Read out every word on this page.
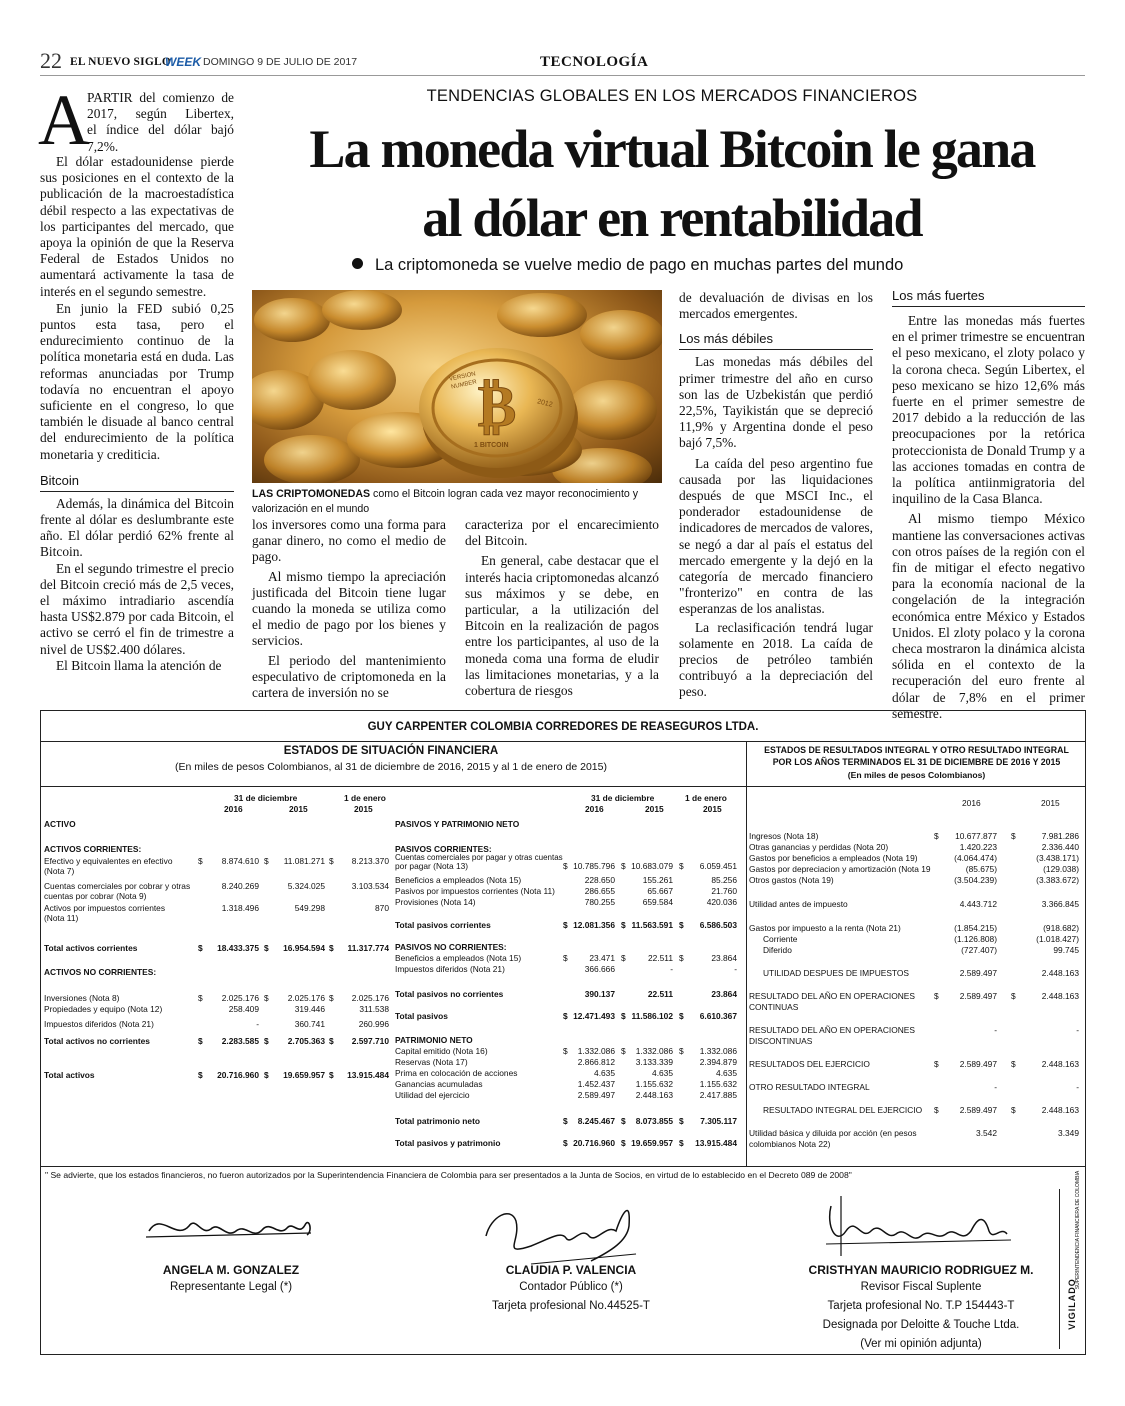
22 EL NUEVO SIGLO
WEEK DOMINGO 9 DE JULIO DE 2017	TECNOLOGÍA
TENDENCIAS GLOBALES EN LOS MERCADOS FINANCIEROS
La moneda virtual Bitcoin le gana
al dólar en rentabilidad
La criptomoneda se vuelve medio de pago en muchas partes del mundo
A
PARTIR del comienzo de
2017, según Libertex,
el índice del dólar bajó
7,2%.

El dólar estadounidense pierde sus posiciones en el contexto de la publicación de la macroestadística débil respecto a las expectativas de los participantes del mercado, que apoya la opinión de que la Reserva Federal de Estados Unidos no aumentará activamente la tasa de interés en el segundo semestre.

En junio la FED subió 0,25 puntos esta tasa, pero el endurecimiento continuo de la política monetaria está en duda. Las reformas anunciadas por Trump todavía no encuentran el apoyo suficiente en el congreso, lo que también le disuade al banco central del endurecimiento de la política monetaria y crediticia.

Bitcoin

Además, la dinámica del Bitcoin frente al dólar es deslumbrante este año. El dólar perdió 62% frente al Bitcoin.

En el segundo trimestre el precio del Bitcoin creció más de 2,5 veces, el máximo intradiario ascendía hasta US$2.879 por cada Bitcoin, el activo se cerró el fin de trimestre a nivel de US$2.400 dólares.

El Bitcoin llama la atención de

₿
VERSION
NUMBER
2012
1 BITCOIN
LAS CRIPTOMONEDAS como el Bitcoin logran cada vez mayor reconocimiento y valorización en el mundo

los inversores como una forma para ganar dinero, no como el medio de pago.

Al mismo tiempo la apreciación justificada del Bitcoin tiene lugar cuando la moneda se utiliza como el medio de pago por los bienes y servicios.

El periodo del mantenimiento especulativo de criptomoneda en la cartera de inversión no se

caracteriza por el encarecimiento del Bitcoin.

En general, cabe destacar que el interés hacia criptomonedas alcanzó sus máximos y se debe, en particular, a la utilización del Bitcoin en la realización de pagos entre los participantes, al uso de la moneda coma una forma de eludir las limitaciones monetarias, y a la cobertura de riesgos

de devaluación de divisas en los mercados emergentes.

Los más débiles

Las monedas más débiles del primer trimestre del año en curso son las de Uzbekistán que perdió 22,5%, Tayikistán que se depreció 11,9% y Argentina donde el peso bajó 7,5%.

La caída del peso argentino fue causada por las liquidaciones después de que MSCI Inc., el ponderador estadounidense de indicadores de mercados de valores, se negó a dar al país el estatus del mercado emergente y la dejó en la categoría de mercado financiero "fronterizo" en contra de las esperanzas de los analistas.

La reclasificación tendrá lugar solamente en 2018. La caída de precios de petróleo también contribuyó a la depreciación del peso.

Los más fuertes

Entre las monedas más fuertes en el primer trimestre se encuentran el peso mexicano, el zloty polaco y la corona checa. Según Libertex, el peso mexicano se hizo 12,6% más fuerte en el primer semestre de 2017 debido a la reducción de las preocupaciones por la retórica proteccionista de Donald Trump y a las acciones tomadas en contra de la política antiinmigratoria del inquilino de la Casa Blanca.

Al mismo tiempo México mantiene las conversaciones activas con otros países de la región con el fin de mitigar el efecto negativo para la economía nacional de la congelación de la integración económica entre México y Estados Unidos. El zloty polaco y la corona checa mostraron la dinámica alcista sólida en el contexto de la recuperación del euro frente al dólar de 7,8% en el primer semestre.

GUY CARPENTER COLOMBIA CORREDORES DE REASEGUROS LTDA.
ESTADOS DE SITUACIÓN FINANCIERA
(En miles de pesos Colombianos, al 31 de diciembre de 2016, 2015 y al 1 de enero de 2015)
ESTADOS DE RESULTADOS INTEGRAL Y OTRO RESULTADO INTEGRAL
POR LOS AÑOS TERMINADOS EL 31 DE DICIEMBRE DE 2016 Y 2015
(En miles de pesos Colombianos)
31 de diciembre	1 de enero
2016	2015	2015
ACTIVO
ACTIVOS CORRIENTES:
Efectivo y equivalentes en efectivo	$ 8.874.610 $ 11.081.271 $ 8.213.370
(Nota 7)
Cuentas comerciales por cobrar y otras	8.240.269	5.324.025	3.103.534
cuentas por cobrar (Nota 9)
Activos por impuestos corrientes	1.318.496	549.298	870
(Nota 11)
Total activos corrientes	$ 18.433.375 $ 16.954.594 $ 11.317.774
ACTIVOS NO CORRIENTES:
Inversiones (Nota 8)	$ 2.025.176 $ 2.025.176 $ 2.025.176
Propiedades y equipo (Nota 12)	258.409	319.446	311.538
Impuestos diferidos (Nota 21)	-	360.741	260.996
Total activos no corrientes	$ 2.283.585 $ 2.705.363 $ 2.597.710
Total activos	$ 20.716.960 $ 19.659.957 $ 13.915.484
31 de diciembre	1 de enero
2016	2015	2015
PASIVOS Y PATRIMONIO NETO
PASIVOS CORRIENTES:
Cuentas comerciales por pagar y otras cuentas
por pagar (Nota 13)	$ 10.785.796 $ 10.683.079 $ 6.059.451
Beneficios a empleados (Nota 15)	228.650	155.261	85.256
Pasivos por impuestos corrientes (Nota 11)	286.655	65.667	21.760
Provisiones (Nota 14)	780.255	659.584	420.036
Total pasivos corrientes	$ 12.081.356 $ 11.563.591 $ 6.586.503
PASIVOS NO CORRIENTES:
Beneficios a empleados (Nota 15)	$	23.471 $	22.511 $	23.864
Impuestos diferidos (Nota 21)	366.666	-	-
Total pasivos no corrientes	390.137	22.511	23.864
Total pasivos	$ 12.471.493 $ 11.586.102 $ 6.610.367
PATRIMONIO NETO
Capital emitido (Nota 16)	$ 1.332.086 $ 1.332.086 $ 1.332.086
Reservas (Nota 17)	2.866.812 3.133.339	2.394.879
Prima en colocación de acciones	4.635	4.635	4.635
Ganancias acumuladas	1.452.437 1.155.632	1.155.632
Utilidad del ejercicio	2.589.497 2.448.163	2.417.885
Total patrimonio neto	$ 8.245.467 $ 8.073.855 $ 7.305.117
Total pasivos y patrimonio	$ 20.716.960 $ 19.659.957 $ 13.915.484
2016	2015
Ingresos (Nota 18)	$ 10.677.877 $	7.981.286
Otras ganancias y perdidas (Nota 20)	1.420.223	2.336.440
Gastos por beneficios a empleados (Nota 19)	(4.064.474)	(3.438.171)
Gastos por depreciacion y amortización (Nota 19	(85.675)	(129.038)
Otros gastos (Nota 19)	(3.504.239)	(3.383.672)
Utilidad antes de impuesto	4.443.712	3.366.845
Gastos por impuesto a la renta (Nota 21)	(1.854.215)	(918.682)
Corriente	(1.126.808)	(1.018.427)
Diferido	(727.407)	99.745
UTILIDAD DESPUES DE IMPUESTOS	2.589.497	2.448.163
RESULTADO DEL AÑO EN OPERACIONES $	2.589.497 $	2.448.163
CONTINUAS
RESULTADO DEL AÑO EN OPERACIONES	-	-
DISCONTINUAS
RESULTADOS DEL EJERCICIO	$	2.589.497 $	2.448.163
OTRO RESULTADO INTEGRAL	-	-
RESULTADO INTEGRAL DEL EJERCICIO $	2.589.497 $	2.448.163
Utilidad básica y diluida por acción (en pesos	3.542	3.349
colombianos Nota 22)
" Se advierte, que los estados financieros, no fueron autorizados por la Superintendencia Financiera de Colombia para ser presentados a la Junta de Socios, en virtud de lo establecido en el Decreto 089 de 2008"
ANGELA M. GONZALEZ
Representante Legal (*)
CLAUDIA P. VALENCIA
Contador Público (*)
Tarjeta profesional No.44525-T
CRISTHYAN MAURICIO RODRIGUEZ M.
Revisor Fiscal Suplente
Tarjeta profesional No. T.P 154443-T
Designada por Deloitte & Touche Ltda.
(Ver mi opinión adjunta)
VIGILADO
SUPERINTENDENCIA FINANCIERA DE COLOMBIA
